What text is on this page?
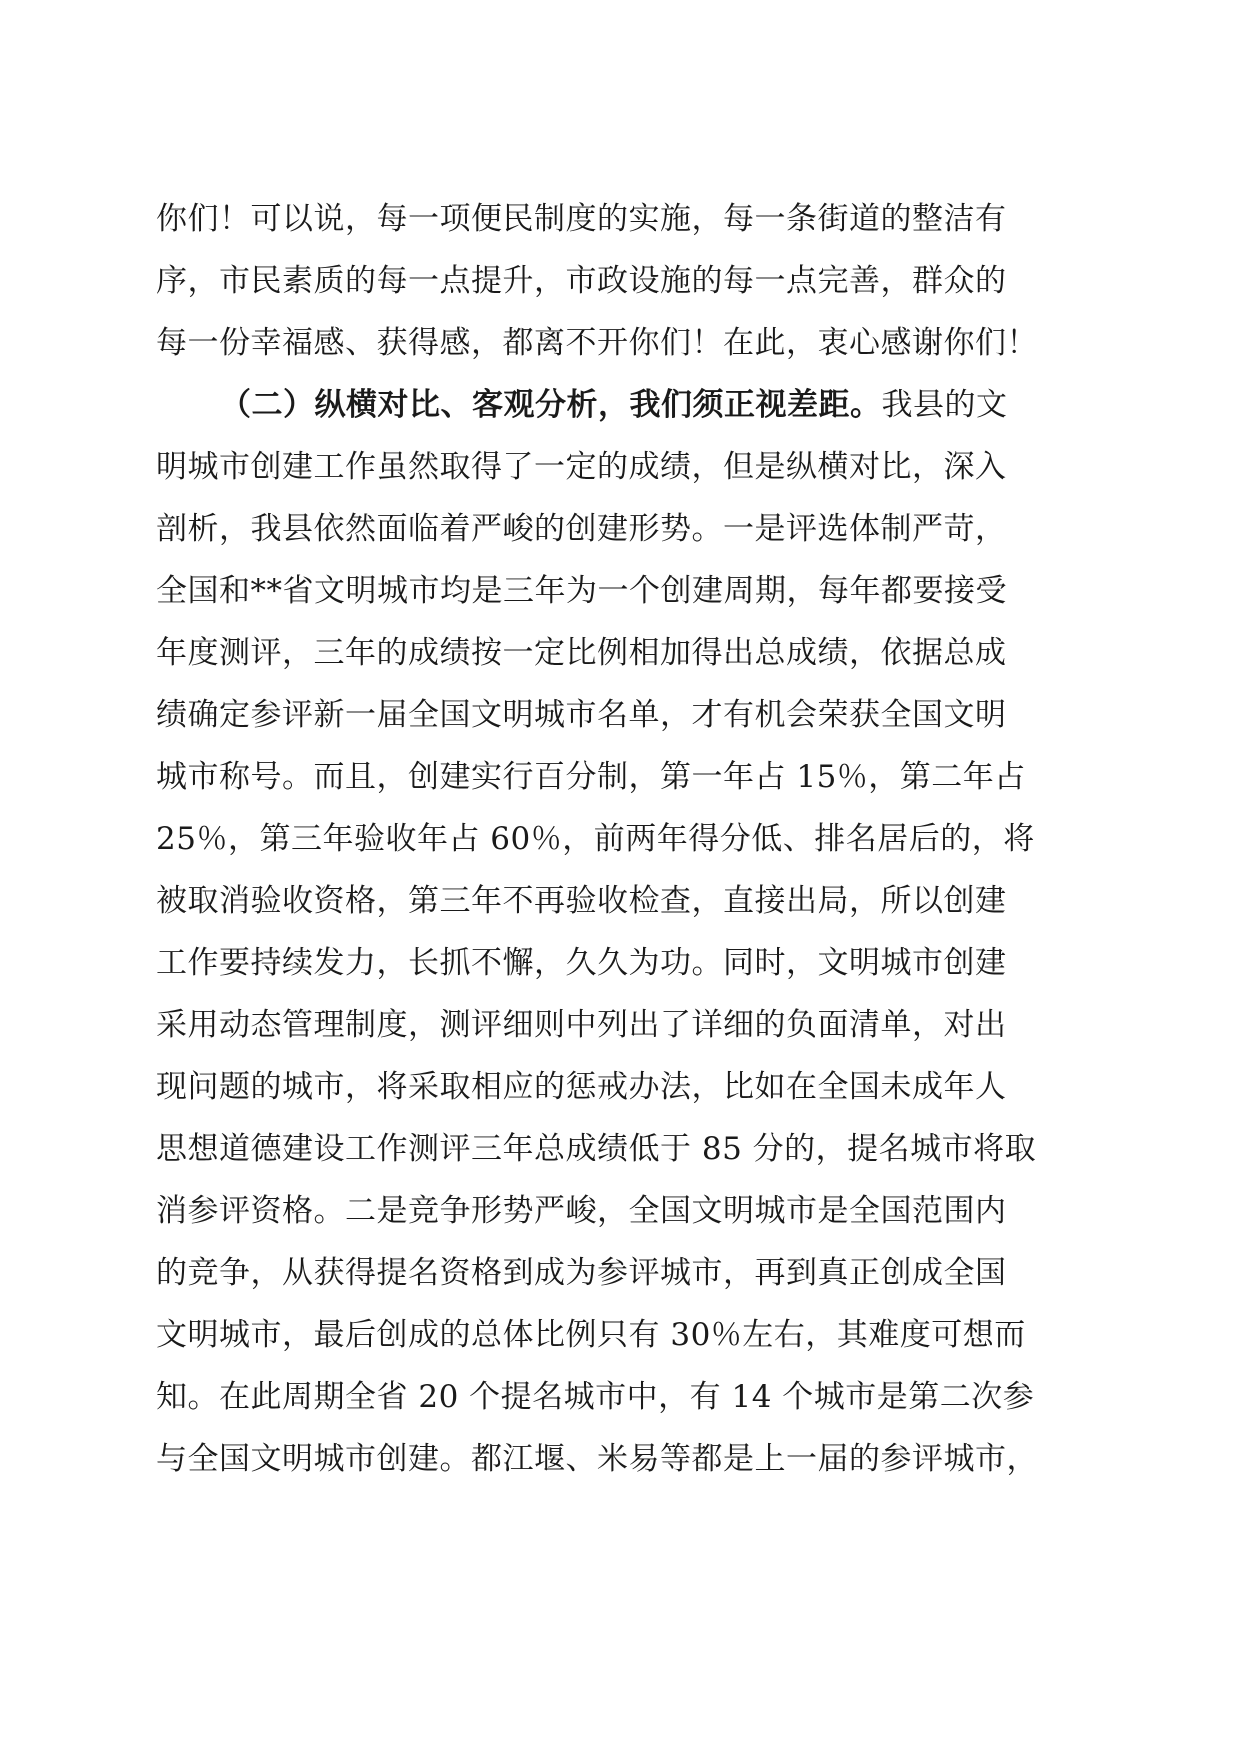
你们！可以说，每一项便民制度的实施，每一条街道的整洁有
序，市民素质的每一点提升，市政设施的每一点完善，群众的
每一份幸福感、获得感，都离不开你们！在此，衷心感谢你们！
（二）纵横对比、客观分析，我们须正视差距。我县的文
明城市创建工作虽然取得了一定的成绩，但是纵横对比，深入
剖析，我县依然面临着严峻的创建形势。一是评选体制严苛，
全国和**省文明城市均是三年为一个创建周期，每年都要接受
年度测评，三年的成绩按一定比例相加得出总成绩，依据总成
绩确定参评新一届全国文明城市名单，才有机会荣获全国文明
城市称号。而且，创建实行百分制，第一年占 15％，第二年占
25％，第三年验收年占 60％，前两年得分低、排名居后的，将
被取消验收资格，第三年不再验收检查，直接出局，所以创建
工作要持续发力，长抓不懈，久久为功。同时，文明城市创建
采用动态管理制度，测评细则中列出了详细的负面清单，对出
现问题的城市，将采取相应的惩戒办法，比如在全国未成年人
思想道德建设工作测评三年总成绩低于 85 分的，提名城市将取
消参评资格。二是竞争形势严峻，全国文明城市是全国范围内
的竞争，从获得提名资格到成为参评城市，再到真正创成全国
文明城市，最后创成的总体比例只有 30％左右，其难度可想而
知。在此周期全省 20 个提名城市中，有 14 个城市是第二次参
与全国文明城市创建。都江堰、米易等都是上一届的参评城市，
